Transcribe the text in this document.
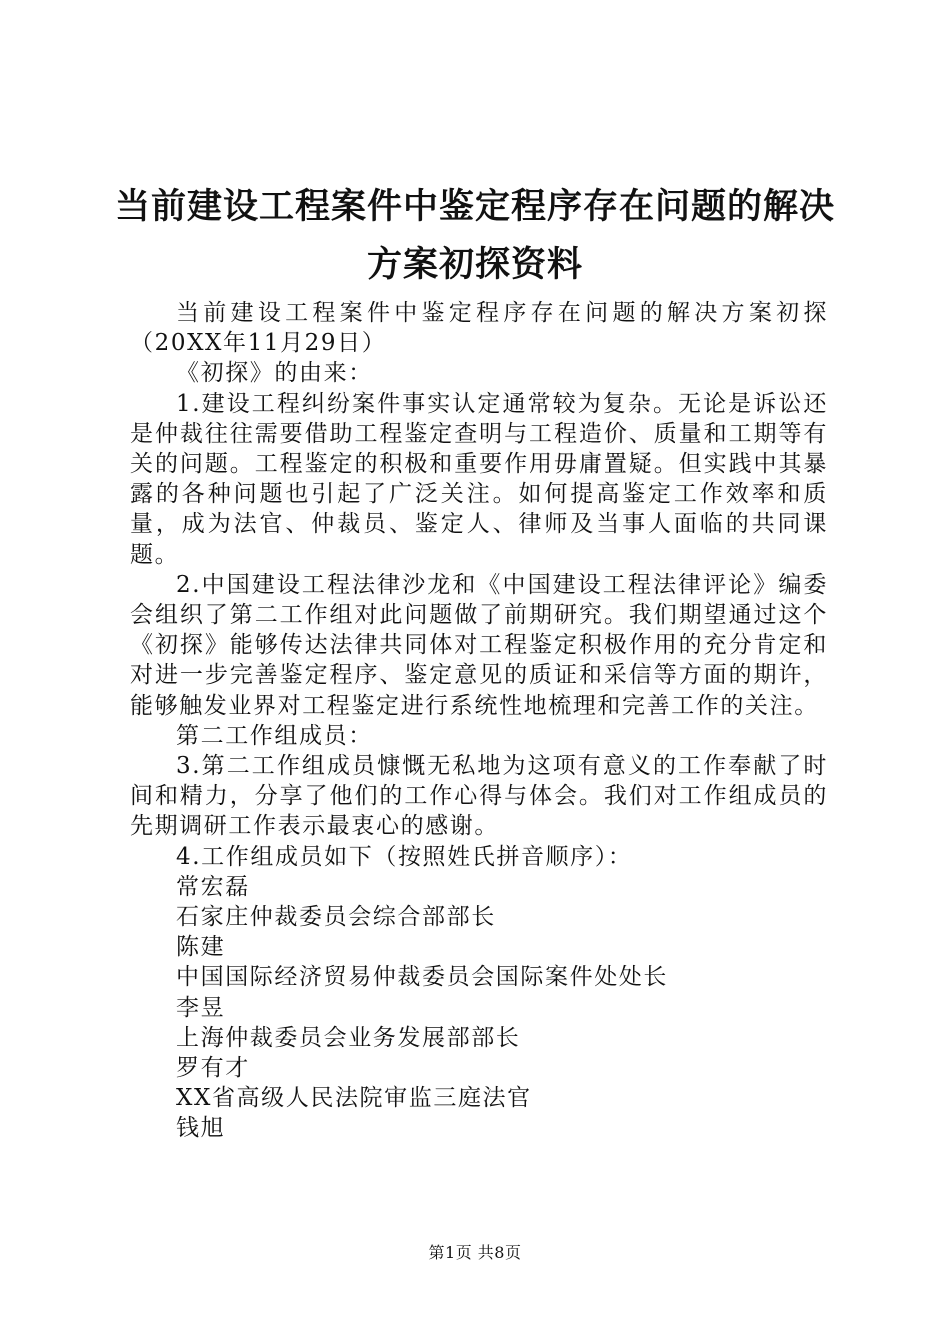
当前建设工程案件中鉴定程序存在问题的解决方案初探资料

当前建设工程案件中鉴定程序存在问题的解决方案初探（20XX年11月29日）

《初探》的由来：

1.建设工程纠纷案件事实认定通常较为复杂。无论是诉讼还是仲裁往往需要借助工程鉴定查明与工程造价、质量和工期等有关的问题。工程鉴定的积极和重要作用毋庸置疑。但实践中其暴露的各种问题也引起了广泛关注。如何提高鉴定工作效率和质量，成为法官、仲裁员、鉴定人、律师及当事人面临的共同课题。

2.中国建设工程法律沙龙和《中国建设工程法律评论》编委会组织了第二工作组对此问题做了前期研究。我们期望通过这个《初探》能够传达法律共同体对工程鉴定积极作用的充分肯定和对进一步完善鉴定程序、鉴定意见的质证和采信等方面的期许，能够触发业界对工程鉴定进行系统性地梳理和完善工作的关注。

第二工作组成员：

3.第二工作组成员慷慨无私地为这项有意义的工作奉献了时间和精力，分享了他们的工作心得与体会。我们对工作组成员的先期调研工作表示最衷心的感谢。

4.工作组成员如下（按照姓氏拼音顺序）：

常宏磊

石家庄仲裁委员会综合部部长

陈建

中国国际经济贸易仲裁委员会国际案件处处长

李昱

上海仲裁委员会业务发展部部长

罗有才

XX省高级人民法院审监三庭法官

钱旭

第1页 共8页
